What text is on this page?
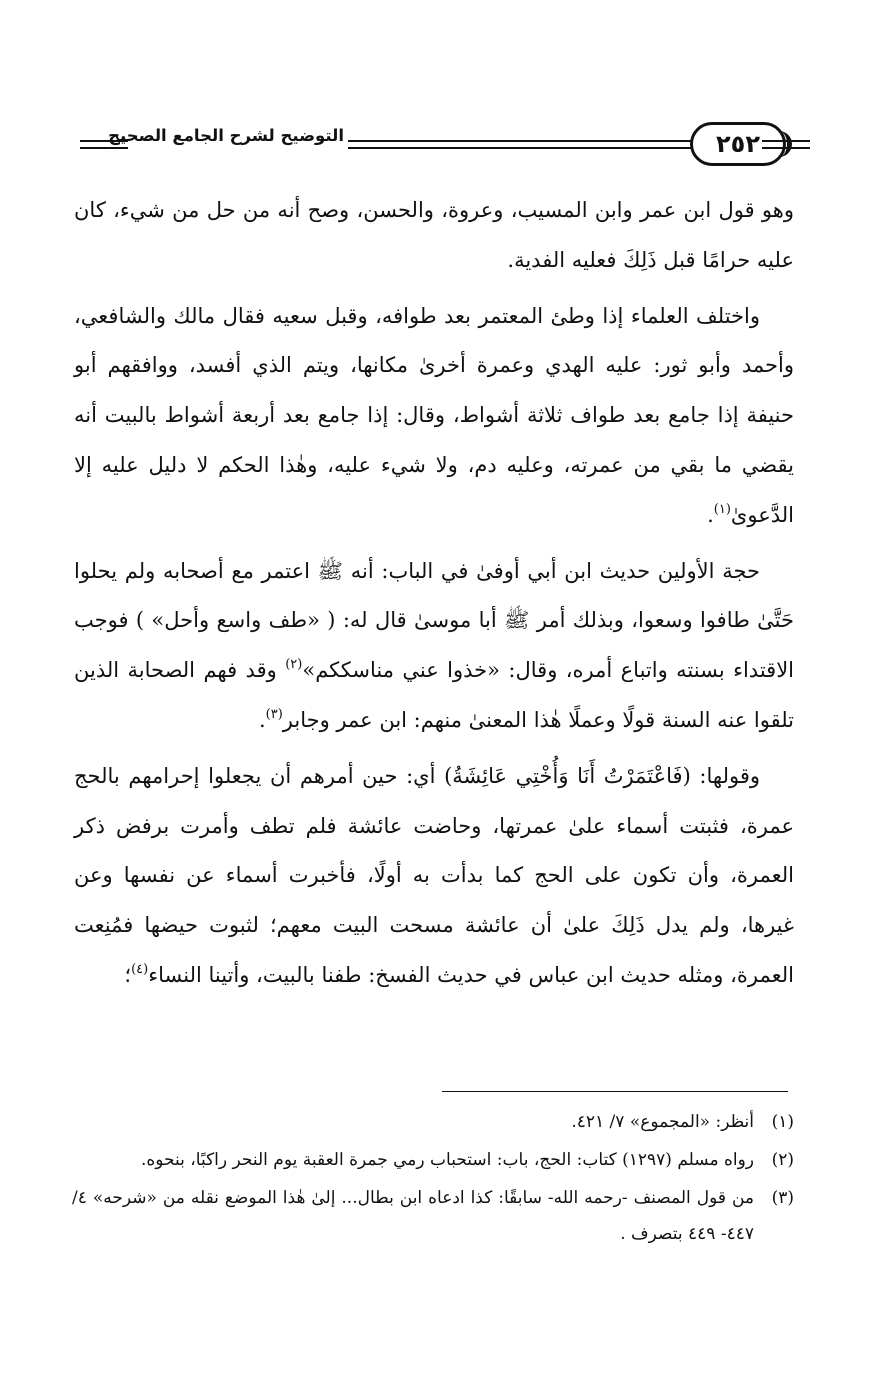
التوضيح لشرح الجامع الصحيح	٢٥٢

وهو قول ابن عمر وابن المسيب، وعروة، والحسن، وصح أنه من حل من شيء، كان عليه حرامًا قبل ذَلِكَ فعليه الفدية.

واختلف العلماء إذا وطئ المعتمر بعد طوافه، وقبل سعيه فقال مالك والشافعي، وأحمد وأبو ثور: عليه الهدي وعمرة أخرىٰ مكانها، ويتم الذي أفسد، ووافقهم أبو حنيفة إذا جامع بعد طواف ثلاثة أشواط، وقال: إذا جامع بعد أربعة أشواط بالبيت أنه يقضي ما بقي من عمرته، وعليه دم، ولا شيء عليه، وهٰذا الحكم لا دليل عليه إلا الدَّعوىٰ$^{(١)}$.

حجة الأولين حديث ابن أبي أوفىٰ في الباب: أنه ﷺ اعتمر مع أصحابه ولم يحلوا حَتَّىٰ طافوا وسعوا، وبذلك أمر ﷺ أبا موسىٰ قال له: ( «طف واسع وأحل» ) فوجب الاقتداء بسنته واتباع أمره، وقال: «خذوا عني مناسككم»$^{(٢)}$ وقد فهم الصحابة الذين تلقوا عنه السنة قولًا وعملًا هٰذا المعنىٰ منهم: ابن عمر وجابر$^{(٣)}$.

وقولها: (فَاعْتَمَرْتُ أَنَا وَأُخْتِي عَائِشَةُ) أي: حين أمرهم أن يجعلوا إحرامهم بالحج عمرة، فثبتت أسماء علىٰ عمرتها، وحاضت عائشة فلم تطف وأمرت برفض ذكر العمرة، وأن تكون على الحج كما بدأت به أولًا، فأخبرت أسماء عن نفسها وعن غيرها، ولم يدل ذَلِكَ علىٰ أن عائشة مسحت البيت معهم؛ لثبوت حيضها فمُنِعت العمرة، ومثله حديث ابن عباس في حديث الفسخ: طفنا بالبيت، وأتينا النساء$^{(٤)}$؛

(١)
أنظر: «المجموع» ٧/ ٤٢١.
(٢)
رواه مسلم (١٢٩٧) كتاب: الحج، باب: استحباب رمي جمرة العقبة يوم النحر راكبًا، بنحوه.
(٣)
من قول المصنف -رحمه الله- سابقًا: كذا ادعاه ابن بطال... إلىٰ هٰذا الموضع نقله من «شرحه» ٤/ ٤٤٧- ٤٤٩ بتصرف .
